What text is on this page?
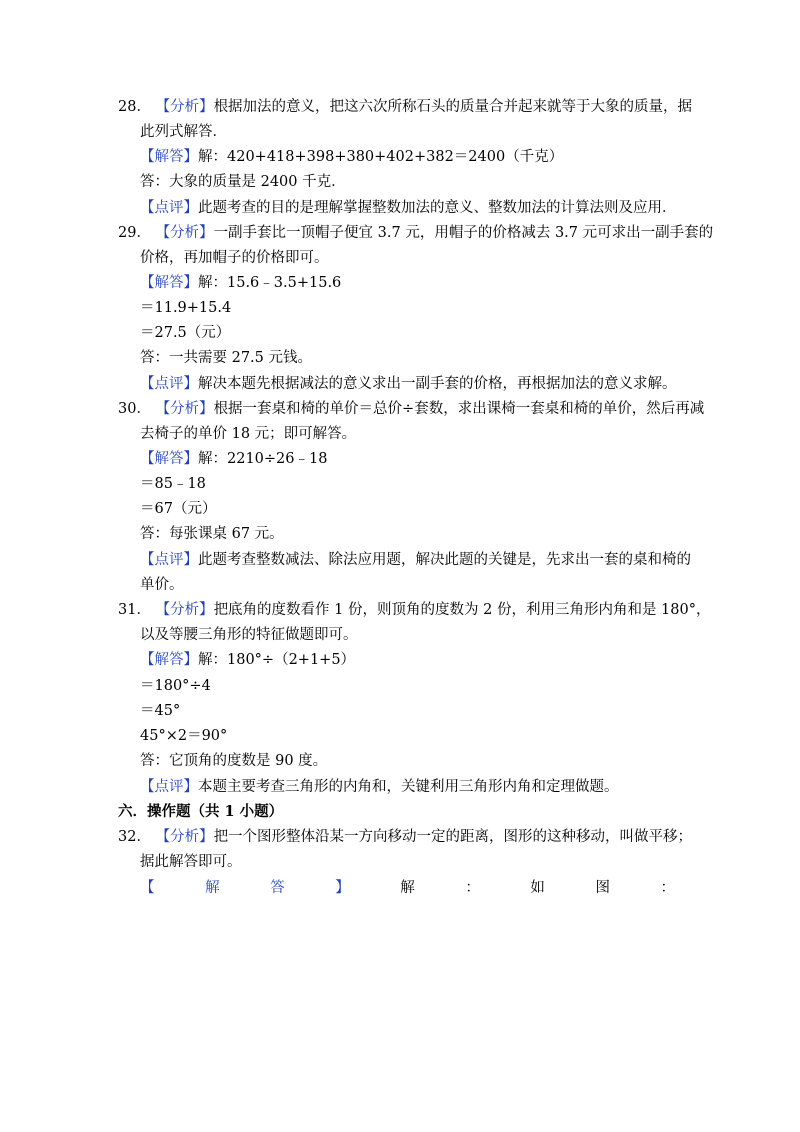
28． 【分析】根据加法的意义，把这六次所称石头的质量合并起来就等于大象的质量，据
此列式解答．
【解答】解：420+418+398+380+402+382＝2400（千克）
答：大象的质量是 2400 千克．
【点评】此题考查的目的是理解掌握整数加法的意义、整数加法的计算法则及应用．
29． 【分析】一副手套比一顶帽子便宜 3.7 元，用帽子的价格减去 3.7 元可求出一副手套的
价格，再加帽子的价格即可。
【解答】解：15.6﹣3.5+15.6
＝11.9+15.4
＝27.5（元）
答：一共需要 27.5 元钱。
【点评】解决本题先根据减法的意义求出一副手套的价格，再根据加法的意义求解。
30． 【分析】根据一套桌和椅的单价＝总价÷套数，求出课椅一套桌和椅的单价，然后再减
去椅子的单价 18 元；即可解答。
【解答】解：2210÷26﹣18
＝85﹣18
＝67（元）
答：每张课桌 67 元。
【点评】此题考查整数减法、除法应用题，解决此题的关键是，先求出一套的桌和椅的
单价。
31． 【分析】把底角的度数看作 1 份，则顶角的度数为 2 份，利用三角形内角和是 180°，
以及等腰三角形的特征做题即可。
【解答】解：180°÷（2+1+5）
＝180°÷4
＝45°
45°×2＝90°
答：它顶角的度数是 90 度。
【点评】本题主要考查三角形的内角和，关键利用三角形内角和定理做题。
六．操作题（共 1 小题）
32． 【分析】把一个图形整体沿某一方向移动一定的距离，图形的这种移动，叫做平移；
据此解答即可。
【	解	答	】	解	：	如	图	：
